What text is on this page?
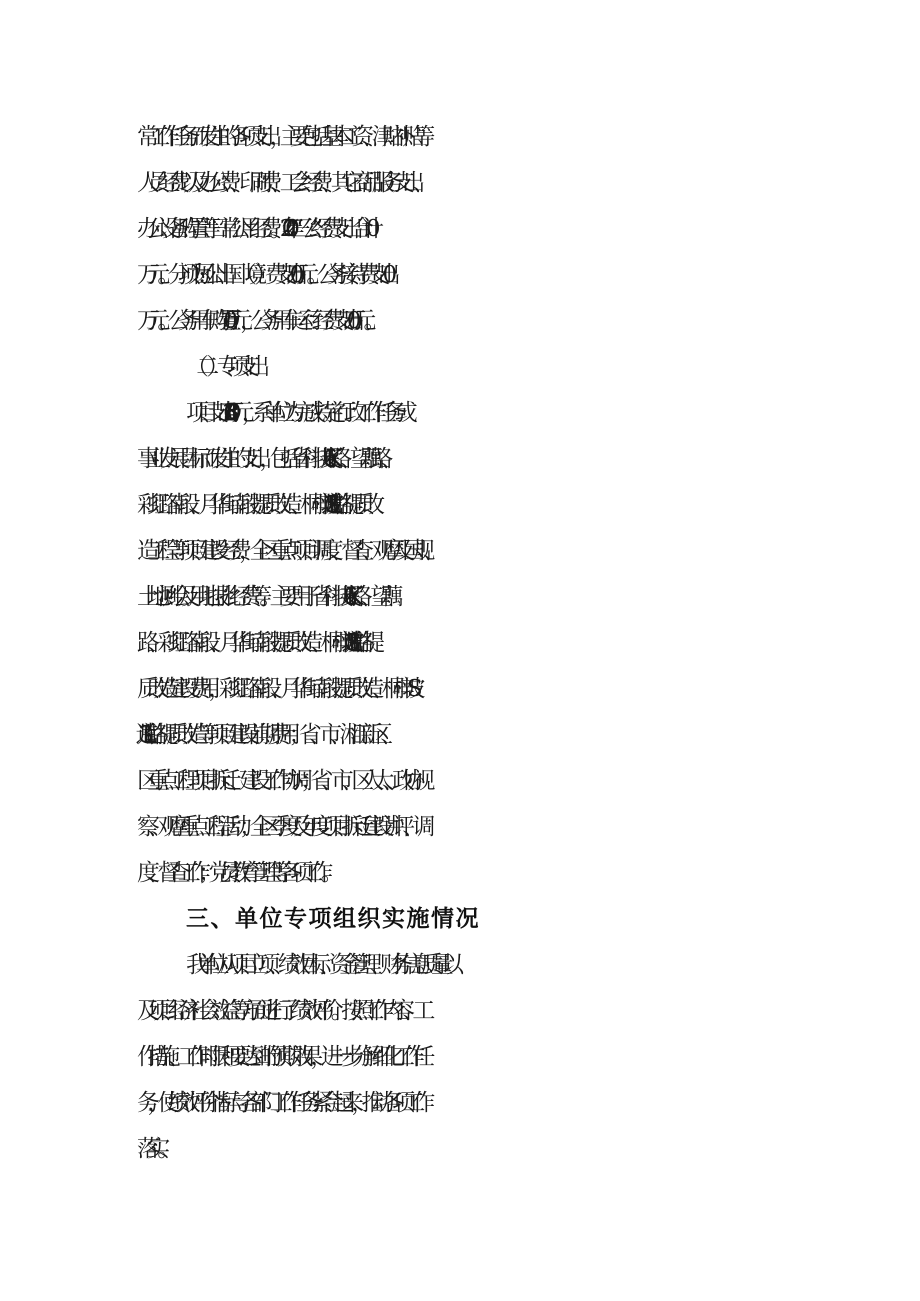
常工作任务而发生的各项支出，主要包括基本工资、津贴补贴等
人员经费以及办公费、印刷费、工会经费、其它商品服务支出、
办公设备购置等日常公用经费。2020 年“三公”经费支出合计 0
万元。分项为:因公出国（境）费支出 0 万元。公务接待费支出 0
万元。公务用车购置 0 万元，公务用车运行经费支出 0 万元。
（二）专项支出
项目支出 1380.64 万元，系单位为完成特定行政工作任务或
事业发展目标而发生的支出，包括省科技厅 K-6 支路、望藕路、
彩虹路南段、月华街南段提质改造、桐梓坡 S 片 L-3 道路提质改
造工程等项目建设经费，全区重点项目调度、督查、观摩及国规、
土地测绘及用地报批经费等。主要用于省科技厅 K-6 支路、望藕
路、彩虹路南段、月华街南段提质改造、桐梓坡 S 片 L-3 道路提
质改造建设费用，彩虹路南段、月华街南段提质改造、桐梓坡 S
片 L-3 道路提质改造等项目建设前期费用；省、市、湘江新区、
区重点工程项目拆迁、建设工作协调；省、市、区人大、政协视
察、观摩重点工程活动；全区季度及年度项目拆迁建设讲评、调
度、督查工作；党员教育管理等各项工作。
三、单位专项组织实施情况
我单位从项目立项、绩效目标、资金管理、财务信息质量以
及项目经济社会效益等方面进行了绩效评价。按照工作内容、工
作措施、工作时限和要达到的预期效果，进一步分解细化工作任
务，使绩效评价指标与各部门工作任务紧合起来，推动各项工作
落实。
